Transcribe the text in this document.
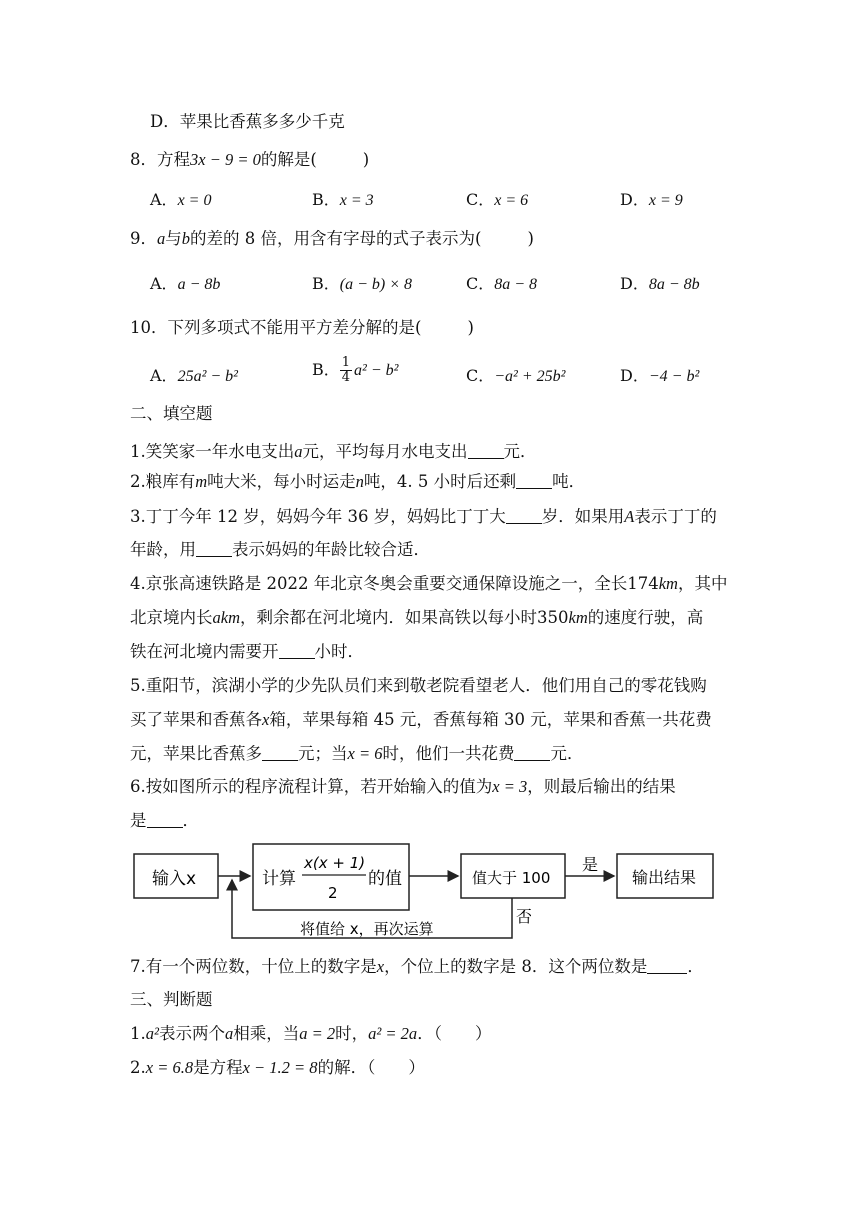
D．苹果比香蕉多多少千克
8．方程3x − 9 = 0的解是(	)
A．x = 0	B．x = 3	C．x = 6	D．x = 9
9．a与b的差的 8 倍，用含有字母的式子表示为(	)
A．a − 8b	B．(a − b) × 8	C．8a − 8	D．8a − 8b
10．下列多项式不能用平方差分解的是(	)
A．25a² − b²	B． $\frac{1}{4} a^2 - b^2$	C．−a² + 25b²	D．−4 − b²
二、填空题
1.笑笑家一年水电支出a元，平均每月水电支出 元．
2.粮库有m吨大米，每小时运走n吨，4. 5 小时后还剩 吨．
3.丁丁今年 12 岁，妈妈今年 36 岁，妈妈比丁丁大 岁．如果用A表示丁丁的
年龄，用 表示妈妈的年龄比较合适．
4.京张高速铁路是 2022 年北京冬奥会重要交通保障设施之一，全长174km，其中
北京境内长akm，剩余都在河北境内．如果高铁以每小时350km的速度行驶，高
铁在河北境内需要开 小时．
5.重阳节，滨湖小学的少先队员们来到敬老院看望老人．他们用自己的零花钱购
买了苹果和香蕉各x箱，苹果每箱 45 元，香蕉每箱 30 元，苹果和香蕉一共花费
元，苹果比香蕉多 元；当x = 6时，他们一共花费 元．
6.按如图所示的程序流程计算，若开始输入的值为x = 3，则最后输出的结果
是 ．
输入x	计算
x(x + 1)
2
的值	值大于 100
是
输出结果
否
将值给 x，再次运算
7.有一个两位数，十位上的数字是x，个位上的数字是 8．这个两位数是 ．
三、判断题
1.a²表示两个a相乘，当a = 2时，a² = 2a．（　　）
2.x = 6.8是方程x − 1.2 = 8的解．（　　）
